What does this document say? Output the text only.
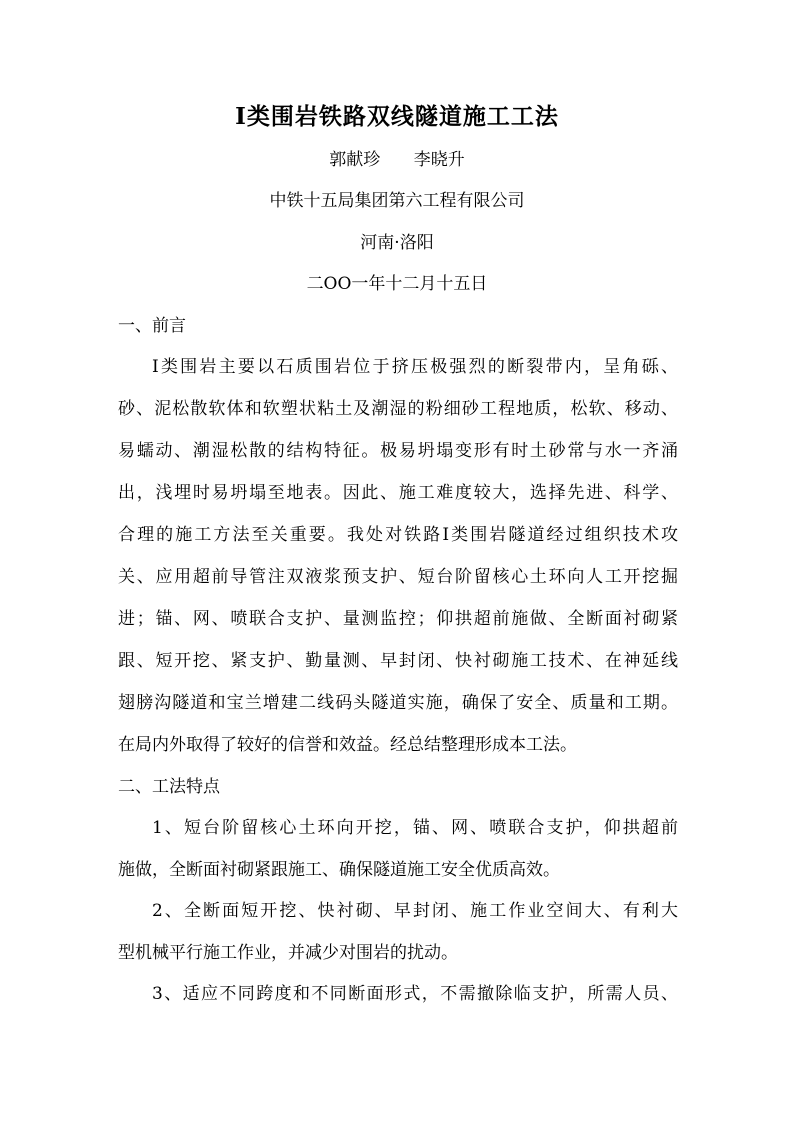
Ⅰ类围岩铁路双线隧道施工工法
郭献珍 李晓升
中铁十五局集团第六工程有限公司
河南·洛阳
二OO一年十二月十五日
一、前言
Ⅰ类围岩主要以石质围岩位于挤压极强烈的断裂带内，呈角砾、
砂、泥松散软体和软塑状粘土及潮湿的粉细砂工程地质，松软、移动、
易蠕动、潮湿松散的结构特征。极易坍塌变形有时土砂常与水一齐涌
出，浅埋时易坍塌至地表。因此、施工难度较大，选择先进、科学、
合理的施工方法至关重要。我处对铁路Ⅰ类围岩隧道经过组织技术攻
关、应用超前导管注双液浆预支护、短台阶留核心土环向人工开挖掘
进；锚、网、喷联合支护、量测监控；仰拱超前施做、全断面衬砌紧
跟、短开挖、紧支护、勤量测、早封闭、快衬砌施工技术、在神延线
翅膀沟隧道和宝兰增建二线码头隧道实施，确保了安全、质量和工期。
在局内外取得了较好的信誉和效益。经总结整理形成本工法。
二、工法特点
1、短台阶留核心土环向开挖，锚、网、喷联合支护，仰拱超前
施做，全断面衬砌紧跟施工、确保隧道施工安全优质高效。
2、全断面短开挖、快衬砌、早封闭、施工作业空间大、有利大
型机械平行施工作业，并减少对围岩的扰动。
3、适应不同跨度和不同断面形式，不需撤除临支护，所需人员、
